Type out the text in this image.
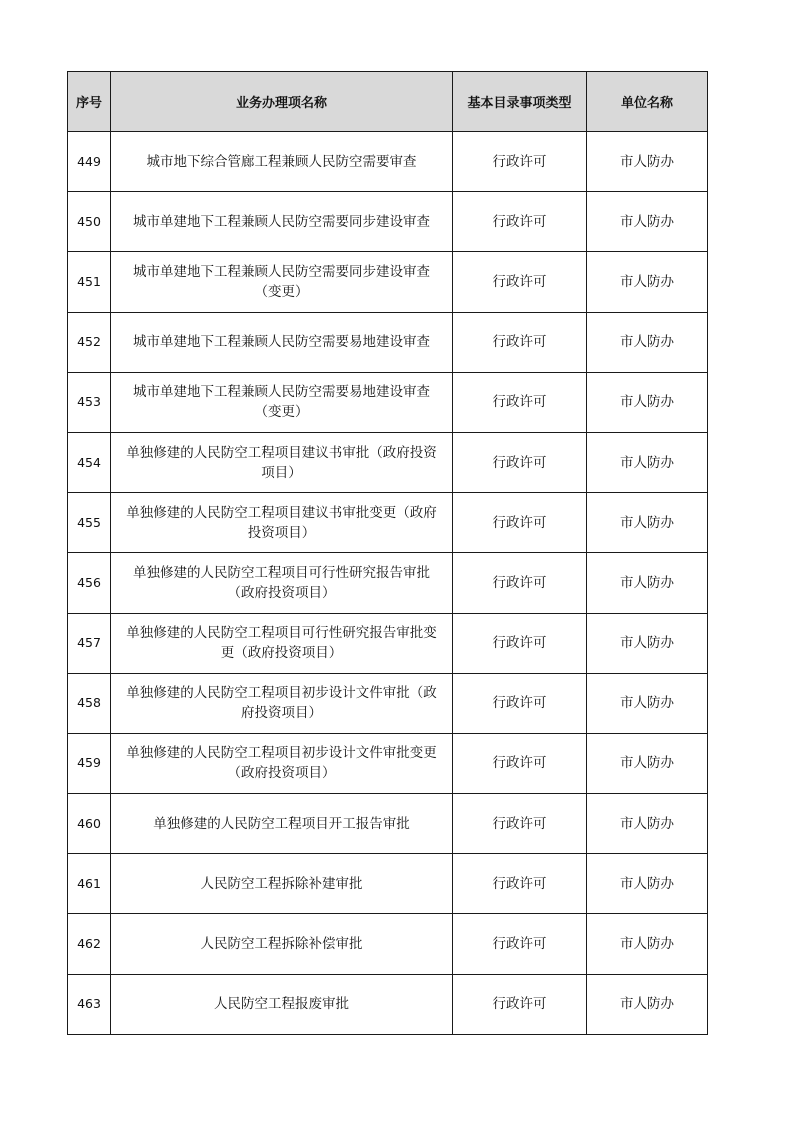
序号	业务办理项名称	基本目录事项类型	单位名称
449	城市地下综合管廊工程兼顾人民防空需要审查	行政许可	市人防办
450	城市单建地下工程兼顾人民防空需要同步建设审查	行政许可	市人防办
451	城市单建地下工程兼顾人民防空需要同步建设审查（变更）	行政许可	市人防办
452	城市单建地下工程兼顾人民防空需要易地建设审查	行政许可	市人防办
453	城市单建地下工程兼顾人民防空需要易地建设审查（变更）	行政许可	市人防办
454	单独修建的人民防空工程项目建议书审批（政府投资项目）	行政许可	市人防办
455	单独修建的人民防空工程项目建议书审批变更（政府投资项目）	行政许可	市人防办
456	单独修建的人民防空工程项目可行性研究报告审批（政府投资项目）	行政许可	市人防办
457	单独修建的人民防空工程项目可行性研究报告审批变更（政府投资项目）	行政许可	市人防办
458	单独修建的人民防空工程项目初步设计文件审批（政府投资项目）	行政许可	市人防办
459	单独修建的人民防空工程项目初步设计文件审批变更（政府投资项目）	行政许可	市人防办
460	单独修建的人民防空工程项目开工报告审批	行政许可	市人防办
461	人民防空工程拆除补建审批	行政许可	市人防办
462	人民防空工程拆除补偿审批	行政许可	市人防办
463	人民防空工程报废审批	行政许可	市人防办
